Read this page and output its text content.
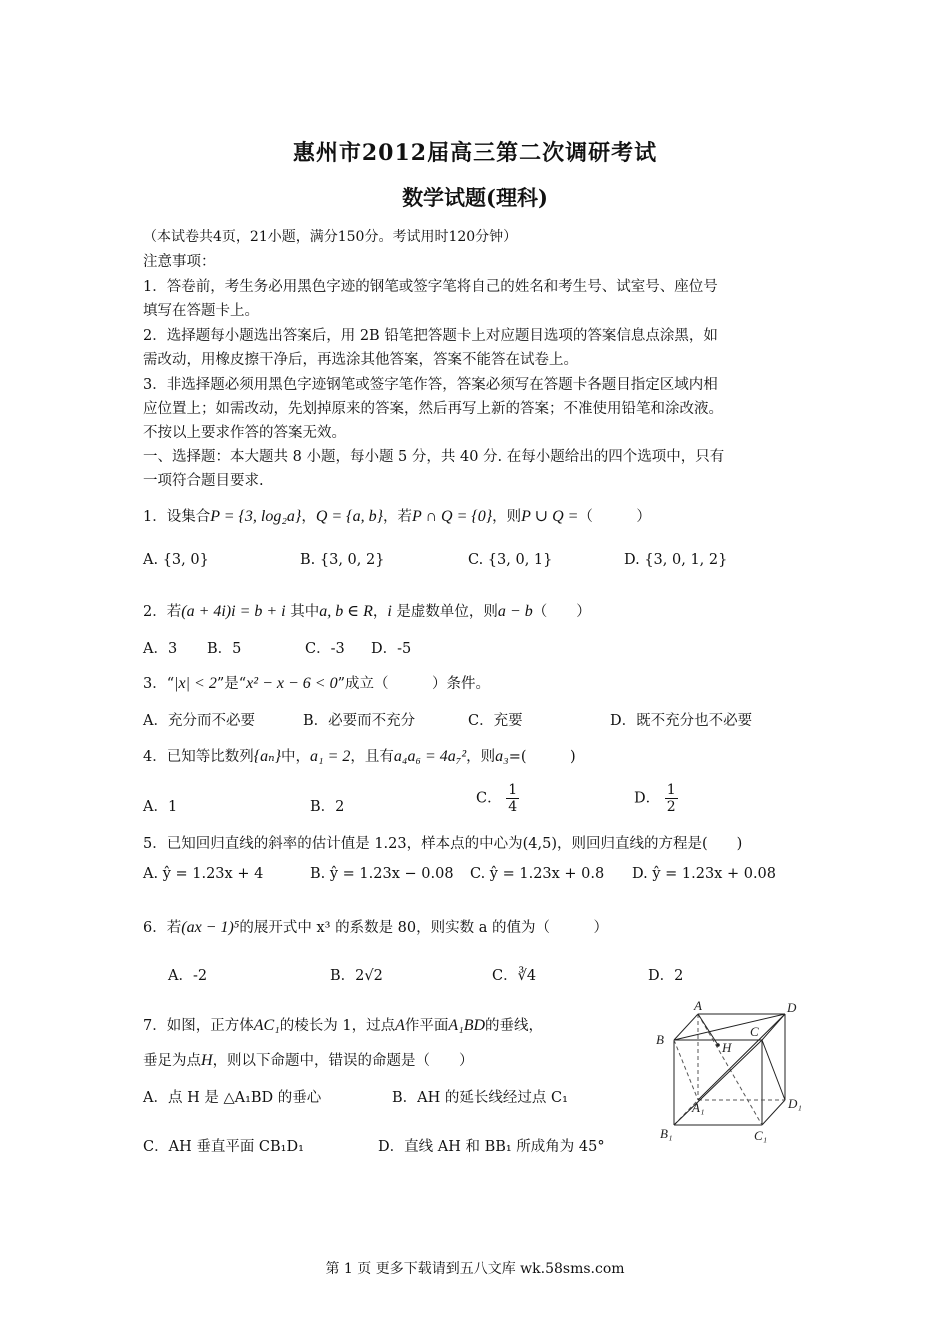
惠州市2012届高三第二次调研考试
数学试题(理科)
（本试卷共4页，21小题，满分150分。考试用时120分钟）
注意事项：
1．答卷前，考生务必用黑色字迹的钢笔或签字笔将自己的姓名和考生号、试室号、座位号
填写在答题卡上。
2．选择题每小题选出答案后，用 2B 铅笔把答题卡上对应题目选项的答案信息点涂黑，如
需改动，用橡皮擦干净后，再选涂其他答案，答案不能答在试卷上。
3．非选择题必须用黑色字迹钢笔或签字笔作答，答案必须写在答题卡各题目指定区域内相
应位置上；如需改动，先划掉原来的答案，然后再写上新的答案；不准使用铅笔和涂改液。
不按以上要求作答的答案无效。
一、选择题：本大题共 8 小题，每小题 5 分，共 40 分. 在每小题给出的四个选项中，只有
一项符合题目要求.
1．设集合P = {3, log₂a}，Q = {a, b}，若P ∩ Q = {0}，则P ∪ Q =（　　　）
A. {3, 0}	B. {3, 0, 2}	C. {3, 0, 1}	D. {3, 0, 1, 2}
2．若(a + 4i)i = b + i 其中a, b ∈ R，i 是虚数单位，则a − b（　　）
A．3 B．5	C．-3 D．-5
3．“|x| < 2”是“x² − x − 6 < 0”成立（　　　）条件。
A．充分而不必要	B．必要而不充分	C．充要	D．既不充分也不必要
4．已知等比数列{aₙ}中，a₁ = 2，且有a₄a₆ = 4a₇²，则a₃=(　　　)
A．1	B．2
C． $\frac{1}{4}$	D． $\frac{1}{2}$
5．已知回归直线的斜率的估计值是 1.23，样本点的中心为(4,5)，则回归直线的方程是(　　)
A. ŷ = 1.23x + 4	B. ŷ = 1.23x − 0.08 C. ŷ = 1.23x + 0.8 D. ŷ = 1.23x + 0.08
6．若(ax − 1)⁵的展开式中 x³ 的系数是 80，则实数 a 的值为（　　　）
A．-2	B．2√2	C．∛4	D．2
7．如图，正方体AC₁的棱长为 1，过点A作平面A₁BD的垂线，
垂足为点H，则以下命题中，错误的命题是（　　）
A．点 H 是 △A₁BD 的垂心	B．AH 的延长线经过点 C₁
C．AH 垂直平面 CB₁D₁	D．直线 AH 和 BB₁ 所成角为 45°
A	D
B
C
H
A₁	D₁
B₁	C₁
第 1 页 更多下载请到五八文库 wk.58sms.com
